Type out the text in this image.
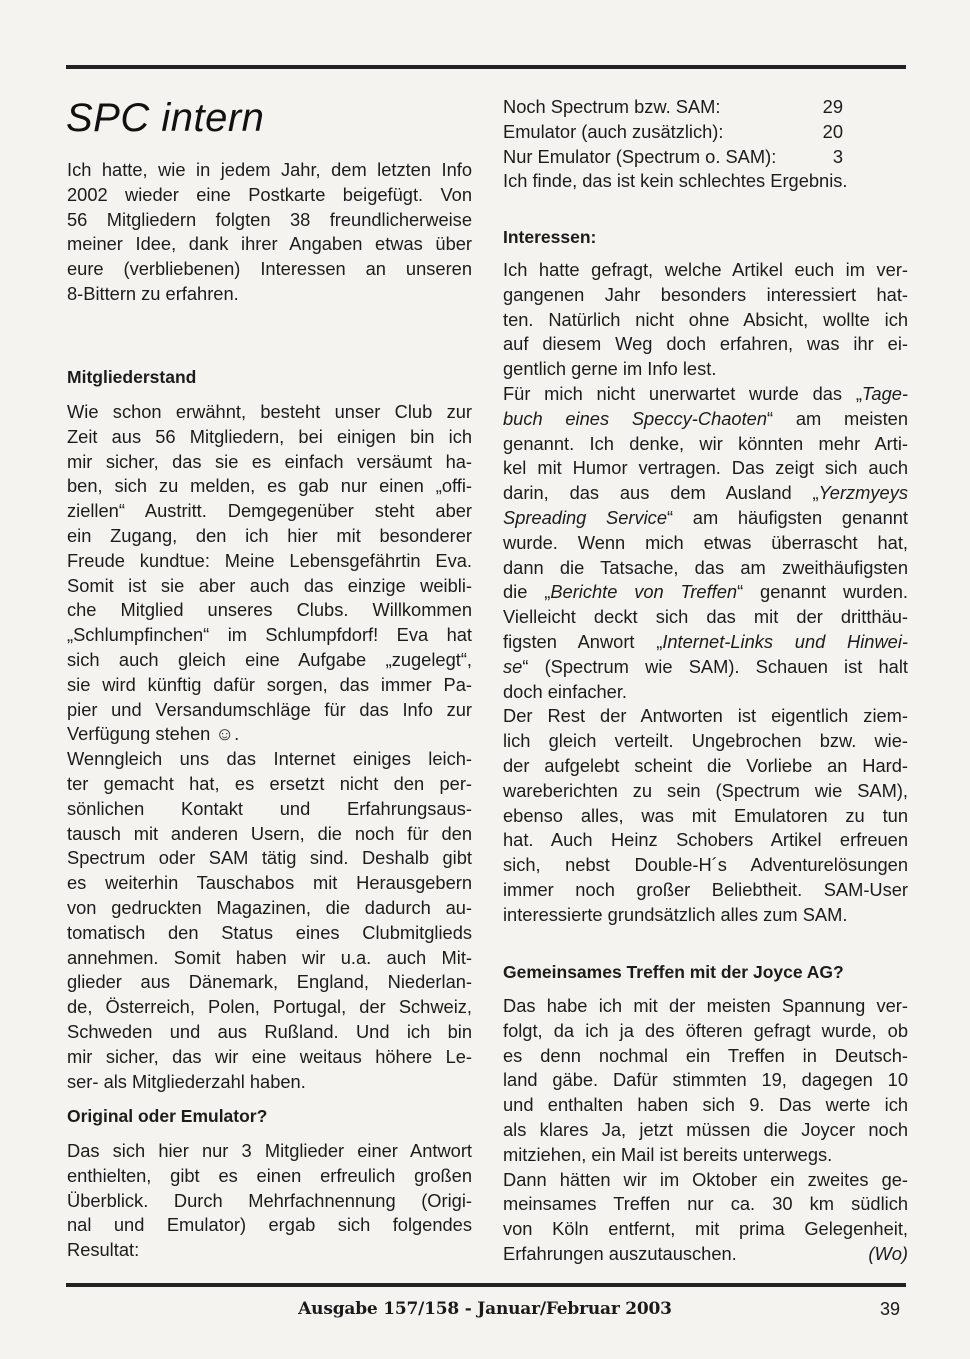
SPC intern
Ich hatte, wie in jedem Jahr, dem letzten Info
2002 wieder eine Postkarte beigefügt. Von
56 Mitgliedern folgten 38 freundlicherweise
meiner Idee, dank ihrer Angaben etwas über
eure (verbliebenen) Interessen an unseren
8-Bittern zu erfahren.
Mitgliederstand
Wie schon erwähnt, besteht unser Club zur
Zeit aus 56 Mitgliedern, bei einigen bin ich
mir sicher, das sie es einfach versäumt ha-
ben, sich zu melden, es gab nur einen „offi-
ziellen“ Austritt. Demgegenüber steht aber
ein Zugang, den ich hier mit besonderer
Freude kundtue: Meine Lebensgefährtin Eva.
Somit ist sie aber auch das einzige weibli-
che Mitglied unseres Clubs. Willkommen
„Schlumpfinchen“ im Schlumpfdorf! Eva hat
sich auch gleich eine Aufgabe „zugelegt“,
sie wird künftig dafür sorgen, das immer Pa-
pier und Versandumschläge für das Info zur
Verfügung stehen ☺.
Wenngleich uns das Internet einiges leich-
ter gemacht hat, es ersetzt nicht den per-
sönlichen Kontakt und Erfahrungsaus-
tausch mit anderen Usern, die noch für den
Spectrum oder SAM tätig sind. Deshalb gibt
es weiterhin Tauschabos mit Herausgebern
von gedruckten Magazinen, die dadurch au-
tomatisch den Status eines Clubmitglieds
annehmen. Somit haben wir u.a. auch Mit-
glieder aus Dänemark, England, Niederlan-
de, Österreich, Polen, Portugal, der Schweiz,
Schweden und aus Rußland. Und ich bin
mir sicher, das wir eine weitaus höhere Le-
ser- als Mitgliederzahl haben.
Original oder Emulator?
Das sich hier nur 3 Mitglieder einer Antwort
enthielten, gibt es einen erfreulich großen
Überblick. Durch Mehrfachnennung (Origi-
nal und Emulator) ergab sich folgendes
Resultat:
Noch Spectrum bzw. SAM:	29
Emulator (auch zusätzlich):	20
Nur Emulator (Spectrum o. SAM):	3
Ich finde, das ist kein schlechtes Ergebnis.
Interessen:
Ich hatte gefragt, welche Artikel euch im ver-
gangenen Jahr besonders interessiert hat-
ten. Natürlich nicht ohne Absicht, wollte ich
auf diesem Weg doch erfahren, was ihr ei-
gentlich gerne im Info lest.
Für mich nicht unerwartet wurde das „Tage-
buch eines Speccy-Chaoten“ am meisten
genannt. Ich denke, wir könnten mehr Arti-
kel mit Humor vertragen. Das zeigt sich auch
darin, das aus dem Ausland „Yerzmyeys
Spreading Service“ am häufigsten genannt
wurde. Wenn mich etwas überrascht hat,
dann die Tatsache, das am zweithäufigsten
die „Berichte von Treffen“ genannt wurden.
Vielleicht deckt sich das mit der dritthäu-
figsten Anwort „Internet-Links und Hinwei-
se“ (Spectrum wie SAM). Schauen ist halt
doch einfacher.
Der Rest der Antworten ist eigentlich ziem-
lich gleich verteilt. Ungebrochen bzw. wie-
der aufgelebt scheint die Vorliebe an Hard-
wareberichten zu sein (Spectrum wie SAM),
ebenso alles, was mit Emulatoren zu tun
hat. Auch Heinz Schobers Artikel erfreuen
sich, nebst Double-H´s Adventurelösungen
immer noch großer Beliebtheit. SAM-User
interessierte grundsätzlich alles zum SAM.
Gemeinsames Treffen mit der Joyce AG?
Das habe ich mit der meisten Spannung ver-
folgt, da ich ja des öfteren gefragt wurde, ob
es denn nochmal ein Treffen in Deutsch-
land gäbe. Dafür stimmten 19, dagegen 10
und enthalten haben sich 9. Das werte ich
als klares Ja, jetzt müssen die Joycer noch
mitziehen, ein Mail ist bereits unterwegs.
Dann hätten wir im Oktober ein zweites ge-
meinsames Treffen nur ca. 30 km südlich
von Köln entfernt, mit prima Gelegenheit,
Erfahrungen auszutauschen.	(Wo)
Ausgabe 157/158 - Januar/Februar 2003	39
